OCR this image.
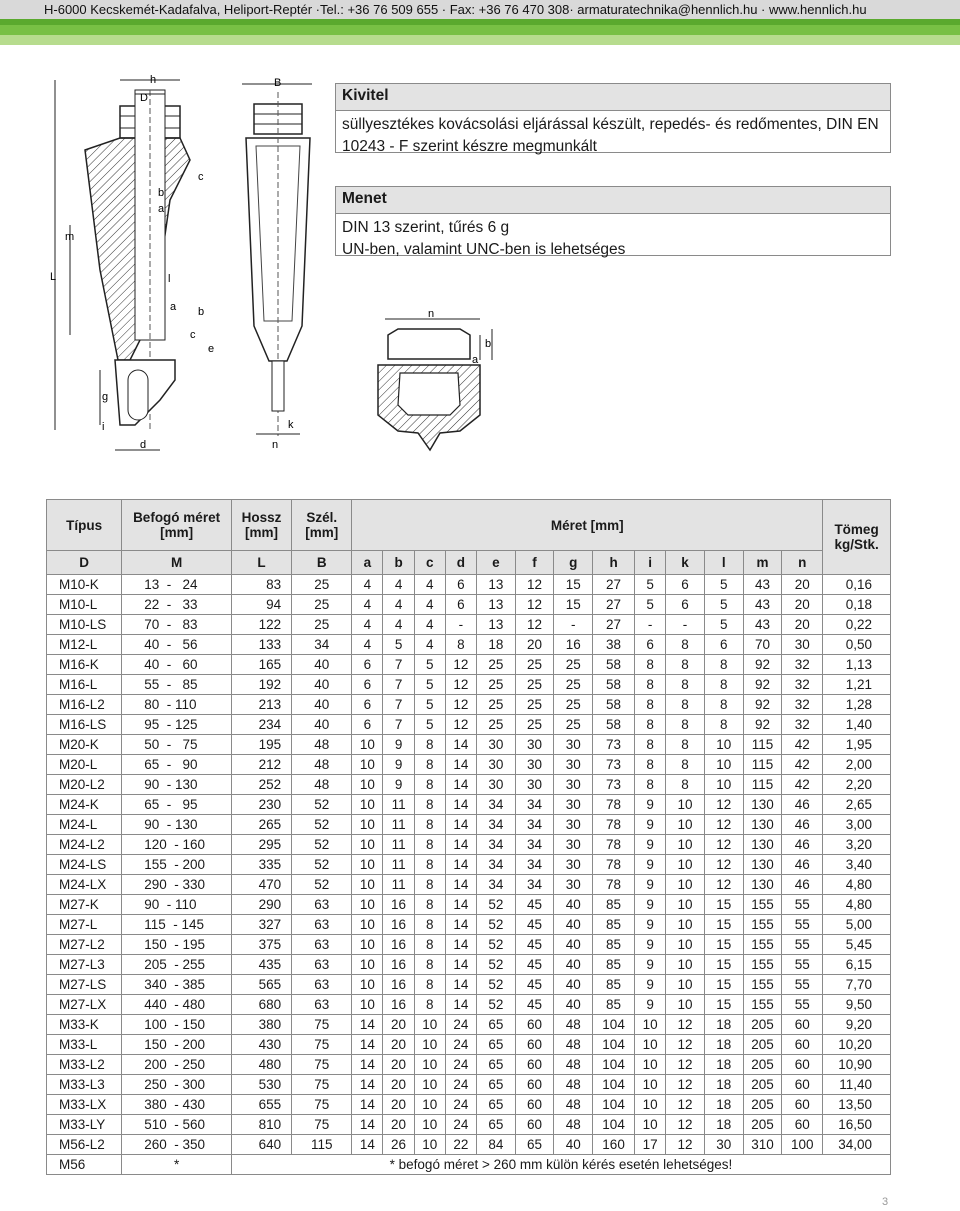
H-6000 Kecskemét-Kadafalva, Heliport-Reptér ·Tel.: +36 76 509 655 · Fax: +36 76 470 308· armaturatechnika@hennlich.hu · www.hennlich.hu
h
D
b
a
c
m
L	l
a b
c
e
g
i
d
B
k
n
n
a
b
Kivitel
süllyesztékes kovácsolási eljárással készült, repedés- és redőmentes, DIN EN 10243 - F szerint készre megmunkált
Menet
DIN 13 szerint, tűrés 6 g
UN-ben, valamint UNC-ben is lehetséges
Típus	Befogó méret [mm]	Hossz [mm]	Szél. [mm]	Méret [mm]													Tömeg kg/Stk.
D	M	L	B	a	b	c	d	e	f	g	h	i	k	l	m	n	
M10-K	13  -   24	83	25	4	4	4	6	13	12	15	27	5	6	5	43	20	0,16
M10-L	22  -   33	94	25	4	4	4	6	13	12	15	27	5	6	5	43	20	0,18
M10-LS	70  -   83	122	25	4	4	4	-	13	12	-	27	-	-	5	43	20	0,22
M12-L	40  -   56	133	34	4	5	4	8	18	20	16	38	6	8	6	70	30	0,50
M16-K	40  -   60	165	40	6	7	5	12	25	25	25	58	8	8	8	92	32	1,13
M16-L	55  -   85	192	40	6	7	5	12	25	25	25	58	8	8	8	92	32	1,21
M16-L2	80  - 110	213	40	6	7	5	12	25	25	25	58	8	8	8	92	32	1,28
M16-LS	95  - 125	234	40	6	7	5	12	25	25	25	58	8	8	8	92	32	1,40
M20-K	50  -   75	195	48	10	9	8	14	30	30	30	73	8	8	10	115	42	1,95
M20-L	65  -   90	212	48	10	9	8	14	30	30	30	73	8	8	10	115	42	2,00
M20-L2	90  - 130	252	48	10	9	8	14	30	30	30	73	8	8	10	115	42	2,20
M24-K	65  -   95	230	52	10	11	8	14	34	34	30	78	9	10	12	130	46	2,65
M24-L	90  - 130	265	52	10	11	8	14	34	34	30	78	9	10	12	130	46	3,00
M24-L2	120  - 160	295	52	10	11	8	14	34	34	30	78	9	10	12	130	46	3,20
M24-LS	155  - 200	335	52	10	11	8	14	34	34	30	78	9	10	12	130	46	3,40
M24-LX	290  - 330	470	52	10	11	8	14	34	34	30	78	9	10	12	130	46	4,80
M27-K	90  - 110	290	63	10	16	8	14	52	45	40	85	9	10	15	155	55	4,80
M27-L	115  - 145	327	63	10	16	8	14	52	45	40	85	9	10	15	155	55	5,00
M27-L2	150  - 195	375	63	10	16	8	14	52	45	40	85	9	10	15	155	55	5,45
M27-L3	205  - 255	435	63	10	16	8	14	52	45	40	85	9	10	15	155	55	6,15
M27-LS	340  - 385	565	63	10	16	8	14	52	45	40	85	9	10	15	155	55	7,70
M27-LX	440  - 480	680	63	10	16	8	14	52	45	40	85	9	10	15	155	55	9,50
M33-K	100  - 150	380	75	14	20	10	24	65	60	48	104	10	12	18	205	60	9,20
M33-L	150  - 200	430	75	14	20	10	24	65	60	48	104	10	12	18	205	60	10,20
M33-L2	200  - 250	480	75	14	20	10	24	65	60	48	104	10	12	18	205	60	10,90
M33-L3	250  - 300	530	75	14	20	10	24	65	60	48	104	10	12	18	205	60	11,40
M33-LX	380  - 430	655	75	14	20	10	24	65	60	48	104	10	12	18	205	60	13,50
M33-LY	510  - 560	810	75	14	20	10	24	65	60	48	104	10	12	18	205	60	16,50
M56-L2	260  - 350	640	115	14	26	10	22	84	65	40	160	17	12	30	310	100	34,00
M56	*	* befogó méret > 260 mm külön kérés esetén lehetséges!															
3
